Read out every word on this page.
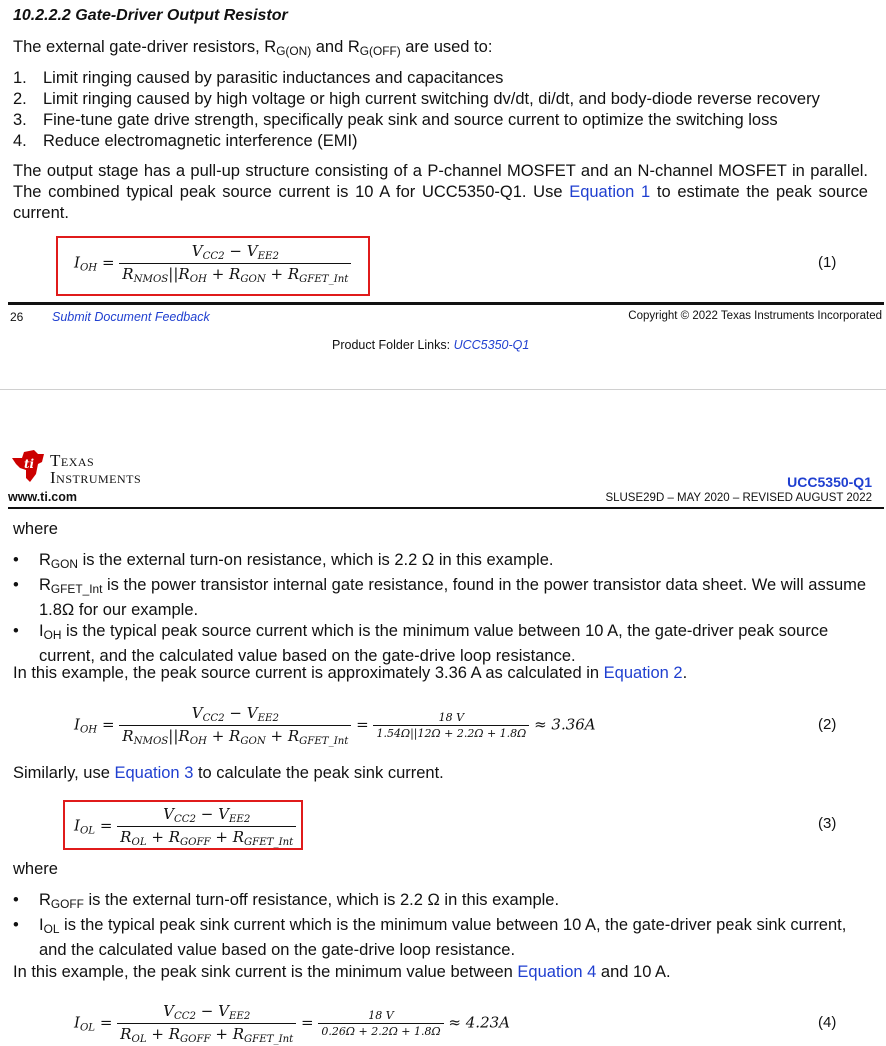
10.2.2.2 Gate-Driver Output Resistor
The external gate-driver resistors, $R_{G(ON)}$ and $R_{G(OFF)}$ are used to:
1. Limit ringing caused by parasitic inductances and capacitances
2. Limit ringing caused by high voltage or high current switching dv/dt, di/dt, and body-diode reverse recovery
3. Fine-tune gate drive strength, specifically peak sink and source current to optimize the switching loss
4. Reduce electromagnetic interference (EMI)
The output stage has a pull-up structure consisting of a P-channel MOSFET and an N-channel MOSFET in parallel. The combined typical peak source current is 10 A for UCC5350-Q1. Use Equation 1 to estimate the peak source current.
$I_{OH} = \frac{V_{CC2} - V_{EE2}}{R_{NMOS}||R_{OH} + R_{GON} + R_{GFET\_Int}}$	(1)
26 Submit Document Feedback	Copyright © 2022 Texas Instruments Incorporated
Product Folder Links: UCC5350-Q1
ti Texas
Instruments
www.ti.com
UCC5350-Q1
SLUSE29D – MAY 2020 – REVISED AUGUST 2022
where
• $R_{GON}$ is the external turn-on resistance, which is 2.2 Ω in this example.
• $R_{GFET\_Int}$ is the power transistor internal gate resistance, found in the power transistor data sheet. We will assume 1.8Ω for our example.
• $I_{OH}$ is the typical peak source current which is the minimum value between 10 A, the gate-driver peak source current, and the calculated value based on the gate-drive loop resistance.
In this example, the peak source current is approximately 3.36 A as calculated in Equation 2.
$I_{OH} = \frac{V_{CC2} - V_{EE2}}{R_{NMOS}||R_{OH} + R_{GON} + R_{GFET\_Int}} = \frac{18 V}{1.54\Omega||12\Omega + 2.2\Omega + 1.8\Omega} \approx 3.36A$	(2)
Similarly, use Equation 3 to calculate the peak sink current.
$I_{OL} = \frac{V_{CC2} - V_{EE2}}{R_{OL} + R_{GOFF} + R_{GFET\_Int}}$	(3)
where
• $R_{GOFF}$ is the external turn-off resistance, which is 2.2 Ω in this example.
• $I_{OL}$ is the typical peak sink current which is the minimum value between 10 A, the gate-driver peak sink current, and the calculated value based on the gate-drive loop resistance.
In this example, the peak sink current is the minimum value between Equation 4 and 10 A.
$I_{OL} = \frac{V_{CC2} - V_{EE2}}{R_{OL} + R_{GOFF} + R_{GFET\_Int}} = \frac{18 V}{0.26\Omega + 2.2\Omega + 1.8\Omega} \approx 4.23A$	(4)
